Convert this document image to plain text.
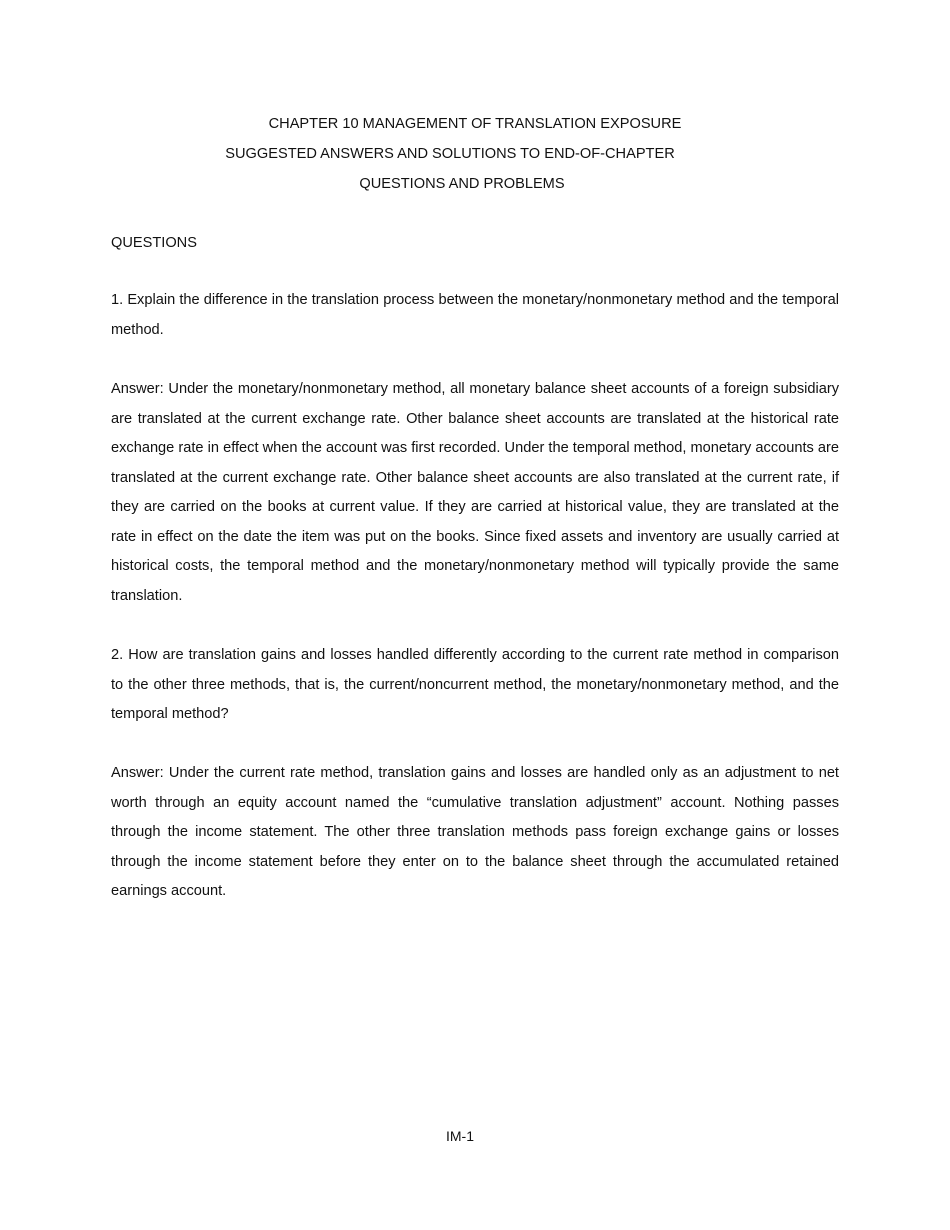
CHAPTER 10 MANAGEMENT OF TRANSLATION EXPOSURE
SUGGESTED ANSWERS AND SOLUTIONS TO END-OF-CHAPTER
QUESTIONS AND PROBLEMS
QUESTIONS

1. Explain the difference in the translation process between the monetary/nonmonetary method and the temporal method.

Answer: Under the monetary/nonmonetary method, all monetary balance sheet accounts of a foreign subsidiary are translated at the current exchange rate. Other balance sheet accounts are translated at the historical rate exchange rate in effect when the account was first recorded. Under the temporal method, monetary accounts are translated at the current exchange rate. Other balance sheet accounts are also translated at the current rate, if they are carried on the books at current value. If they are carried at historical value, they are translated at the rate in effect on the date the item was put on the books. Since fixed assets and inventory are usually carried at historical costs, the temporal method and the monetary/nonmonetary method will typically provide the same translation.

2. How are translation gains and losses handled differently according to the current rate method in comparison to the other three methods, that is, the current/noncurrent method, the monetary/nonmonetary method, and the temporal method?

Answer: Under the current rate method, translation gains and losses are handled only as an adjustment to net worth through an equity account named the “cumulative translation adjustment” account. Nothing passes through the income statement. The other three translation methods pass foreign exchange gains or losses through the income statement before they enter on to the balance sheet through the accumulated retained earnings account.

IM-1
